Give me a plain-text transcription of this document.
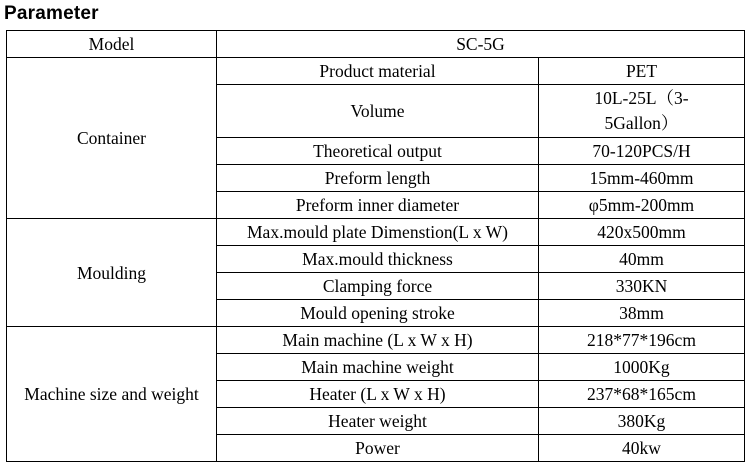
Parameter
Model	SC-5G	
Container	Product material	PET
	Volume	10L-25L（3-
5Gallon）

	Theoretical output	70-120PCS/H
	Preform length	15mm-460mm
	Preform inner diameter	φ5mm-200mm
Moulding	Max.mould plate Dimenstion(L x W)	420x500mm
	Max.mould thickness	40mm
	Clamping force	330KN
	Mould opening stroke	38mm
Machine size and weight	Main machine (L x W x H)	218*77*196cm
	Main machine weight	1000Kg
	Heater (L x W x H)	237*68*165cm
	Heater weight	380Kg
	Power	40kw
